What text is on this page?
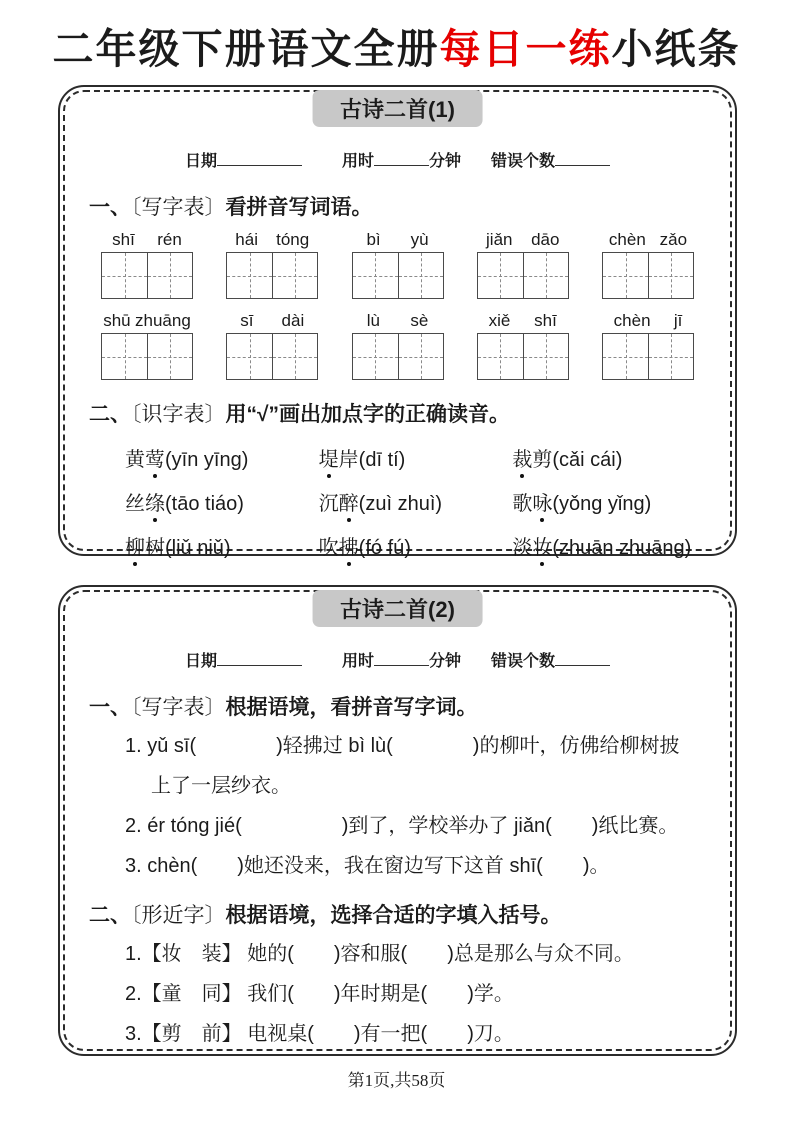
二年级下册语文全册每日一练小纸条
古诗二首(1)
日期	用时	分钟 错误个数
一、〔写字表〕看拼音写词语。
shī rén	hái tóng	bì yù	jiǎn dāo	chèn zǎo
shū zhuāng	sī dài	lù sè	xiě shī	chèn jī
二、〔识字表〕用“√”画出加点字的正确读音。
黄莺(yīn yīng)	堤岸(dī tí)	裁剪(cǎi cái)
丝绦(tāo tiáo)	沉醉(zuì zhuì)	歌咏(yǒng yǐng)
柳树(liǔ niǔ)	吹拂(fó fú)	淡妆(zhuān zhuāng)
古诗二首(2)
日期	用时	分钟 错误个数
一、〔写字表〕根据语境，看拼音写字词。
1. yǔ sī(　　　　)轻拂过 bì lù(　　　　)的柳叶，仿佛给柳树披
上了一层纱衣。
2. ér tóng jié(　　　　　)到了，学校举办了 jiǎn(　　)纸比赛。
3. chèn(　　)她还没来，我在窗边写下这首 shī(　　)。
二、〔形近字〕根据语境，选择合适的字填入括号。
1.【妆　装】 她的(　　)容和服(　　)总是那么与众不同。
2.【童　同】 我们(　　)年时期是(　　)学。
3.【剪　前】 电视桌(　　)有一把(　　)刀。
第1页,共58页
